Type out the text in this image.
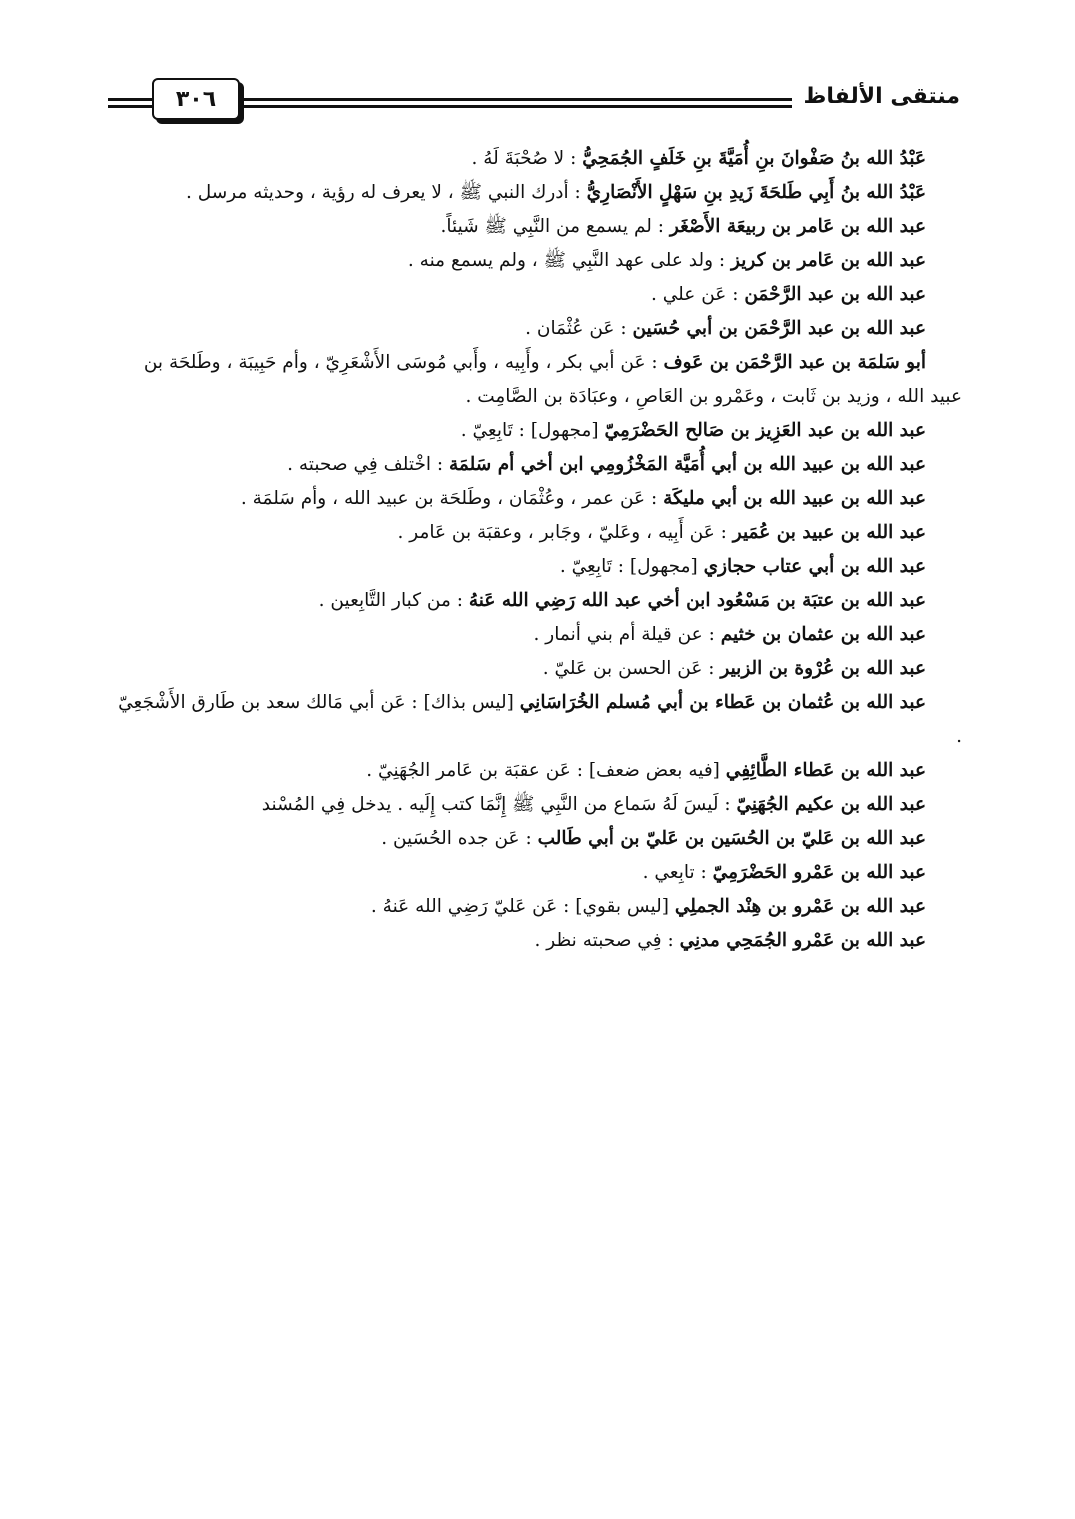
منتقى الألفاظ
٣٠٦

عَبْدُ الله بنُ صَفْوانَ بنِ أُمَيَّةَ بنِ خَلَفٍ الجُمَحِيُّ : لا صُحْبَةَ لَهُ .

عَبْدُ الله بنُ أَبِي طَلحَةَ زَيدِ بنِ سَهْلٍ الأَنْصَارِيُّ : أدرك النبي ﷺ ، لا يعرف له رؤية ، وحديثه مرسل .

عبد الله بن عَامر بن ربيعَة الأَصْغَر : لم يسمع من النَّبِي ﷺ شَيئاً.

عبد الله بن عَامر بن كريز : ولد على عهد النَّبِي ﷺ ، ولم يسمع منه .

عبد الله بن عبد الرَّحْمَن : عَن علي .

عبد الله بن عبد الرَّحْمَن بن أبي حُسَين : عَن عُثْمَان .

أبو سَلمَة بن عبد الرَّحْمَن بن عَوف : عَن أبي بكر ، وأَبِيه ، وأَبي مُوسَى الأَشْعَرِيّ ، وأم حَبِيبَة ، وطَلحَة بن عبيد الله ، وزيد بن ثَابت ، وعَمْرو بن العَاصِ ، وعبَادَة بن الصَّامِت .

عبد الله بن عبد العَزِيز بن صَالح الحَضْرَمِيّ [مجهول] : تَابِعِيّ .

عبد الله بن عبيد الله بن أبي أُمَيَّة المَخْزُومِي ابن أخي أم سَلمَة : اخْتلف فِي صحبته .

عبد الله بن عبيد الله بن أبي مليكَة : عَن عمر ، وعُثْمَان ، وطَلحَة بن عبيد الله ، وأم سَلمَة .

عبد الله بن عبيد بن عُمَير : عَن أَبِيه ، وعَليّ ، وجَابر ، وعقبَة بن عَامر .

عبد الله بن أبي عتاب حجازي [مجهول] : تَابِعِيّ .

عبد الله بن عتبَة بن مَسْعُود ابن أخي عبد الله رَضِي الله عَنهُ : من كبار التَّابِعين .

عبد الله بن عثمان بن خثيم : عن قيلة أم بني أنمار .

عبد الله بن عُرْوة بن الزبير : عَن الحسن بن عَليّ .

عبد الله بن عُثمان بن عَطاء بن أبي مُسلم الخُرَاسَانِي [ليس بذاك] : عَن أبي مَالك سعد بن طَارق الأَشْجَعِيّ .

عبد الله بن عَطاء الطَّائِفِي [فيه بعض ضعف] : عَن عقبَة بن عَامر الجُهَنِيّ .

عبد الله بن عكيم الجُهَنِيّ : لَيسَ لَهُ سَماع من النَّبِي ﷺ إِنَّمَا كتب إِلَيه . يدخل فِي المُسْند

عبد الله بن عَليّ بن الحُسَين بن عَليّ بن أبي طَالب : عَن جده الحُسَين .

عبد الله بن عَمْرو الحَضْرَمِيّ : تابِعي .

عبد الله بن عَمْرو بن هِنْد الجملِي [ليس بقوي] : عَن عَليّ رَضِي الله عَنهُ .

عبد الله بن عَمْرو الجُمَحِي مدنِي : فِي صحبته نظر .
